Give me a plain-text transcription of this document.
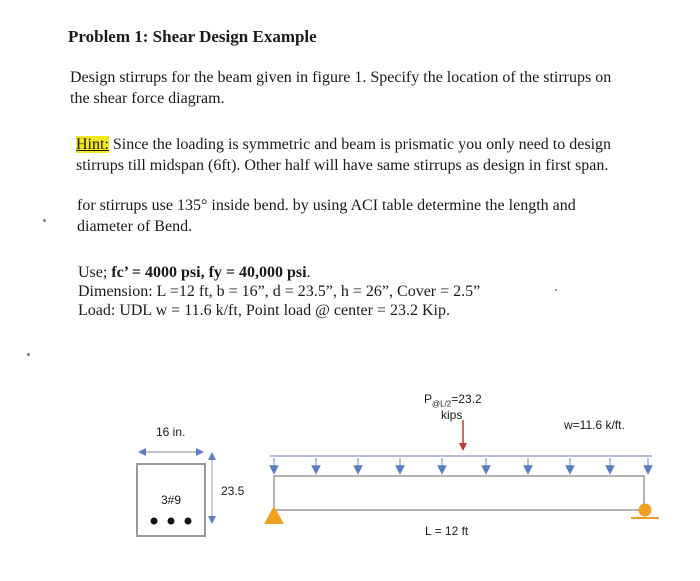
Problem 1: Shear Design Example
Design stirrups for the beam given in figure 1. Specify the location of the stirrups on
the shear force diagram.
Hint: Since the loading is symmetric and beam is prismatic you only need to design
stirrups till midspan (6ft). Other half will have same stirrups as design in first span.
for stirrups use 135° inside bend. by using ACI table determine the length and
diameter of Bend.
Use; fc’ = 4000 psi, fy = 40,000 psi.
Dimension: L =12 ft, b = 16”, d = 23.5”, h = 26”, Cover = 2.5”
Load: UDL w = 11.6 k/ft, Point load @ center = 23.2 Kip.
16 in.
23.5
3#9
$P_{@L/2}=23.2$
kips
w=11.6 k/ft.
L = 12 ft
